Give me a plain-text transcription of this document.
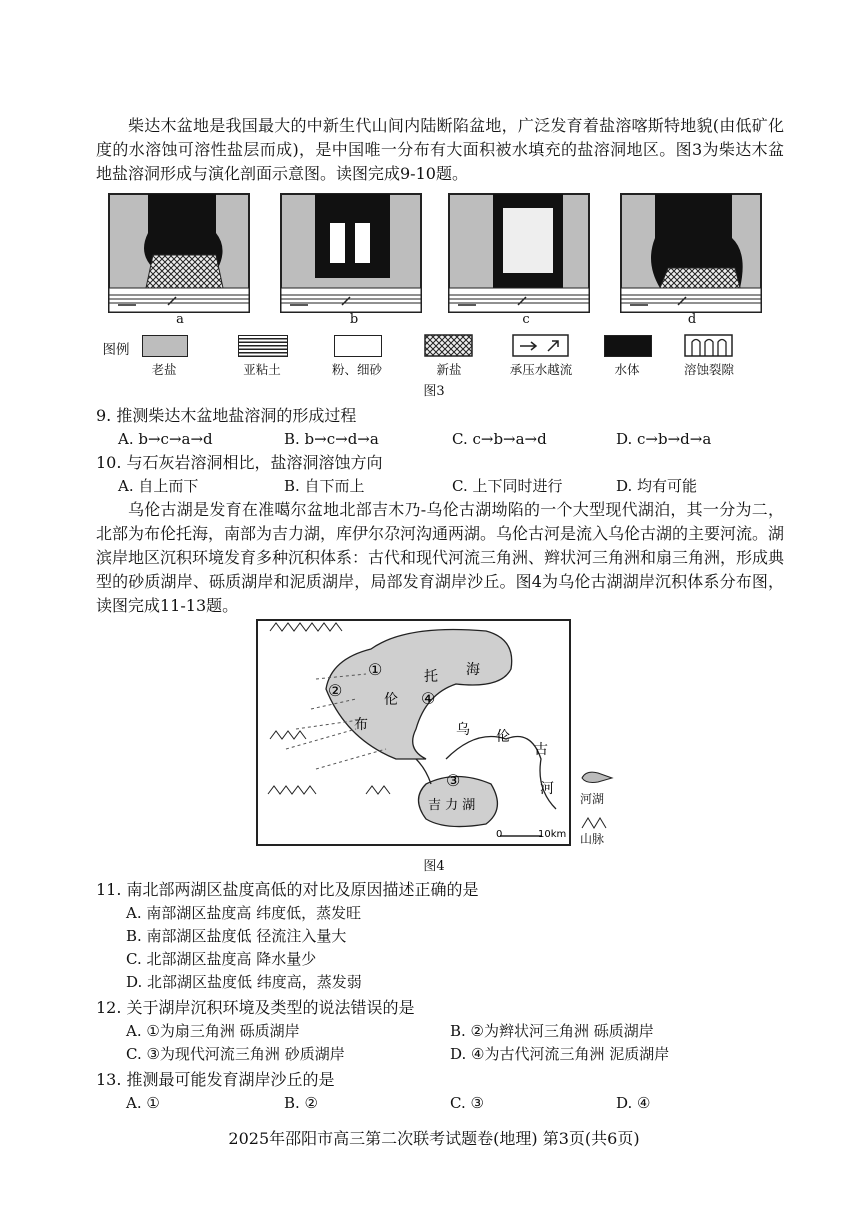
柴达木盆地是我国最大的中新生代山间内陆断陷盆地，广泛发育着盐溶喀斯特地貌(由低矿化度的水溶蚀可溶性盐层而成)，是中国唯一分布有大面积被水填充的盐溶洞地区。图3为柴达木盆地盐溶洞形成与演化剖面示意图。读图完成9-10题。
a	b	c	d
图例
老盐	亚粘土	粉、细砂	新盐	承压水越流	水体	溶蚀裂隙
图3
9. 推测柴达木盆地盐溶洞的形成过程
A. b→c→a→d	B. b→c→d→a	C. c→b→a→d	D. c→b→d→a
10. 与石灰岩溶洞相比，盐溶洞溶蚀方向
A. 自上而下	B. 自下而上	C. 上下同时进行	D. 均有可能
乌伦古湖是发育在准噶尔盆地北部吉木乃-乌伦古湖坳陷的一个大型现代湖泊，其一分为二，北部为布伦托海，南部为吉力湖，库伊尔尕河沟通两湖。乌伦古河是流入乌伦古湖的主要河流。湖滨岸地区沉积环境发育多种沉积体系：古代和现代河流三角洲、辫状河三角洲和扇三角洲，形成典型的砂质湖岸、砾质湖岸和泥质湖岸，局部发育湖岸沙丘。图4为乌伦古湖湖岸沉积体系分布图，读图完成11-13题。
0	10km
①
②
③
④
托 海
伦
布	乌 伦
古
河
吉 力 湖	河湖
山脉
图4
11. 南北部两湖区盐度高低的对比及原因描述正确的是
A. 南部湖区盐度高 纬度低，蒸发旺
B. 南部湖区盐度低 径流注入量大
C. 北部湖区盐度高 降水量少
D. 北部湖区盐度低 纬度高，蒸发弱
12. 关于湖岸沉积环境及类型的说法错误的是
A. ①为扇三角洲 砾质湖岸	B. ②为辫状河三角洲 砾质湖岸
C. ③为现代河流三角洲 砂质湖岸	D. ④为古代河流三角洲 泥质湖岸
13. 推测最可能发育湖岸沙丘的是
A. ①	B. ②	C. ③	D. ④
2025年邵阳市高三第二次联考试题卷(地理) 第3页(共6页)
